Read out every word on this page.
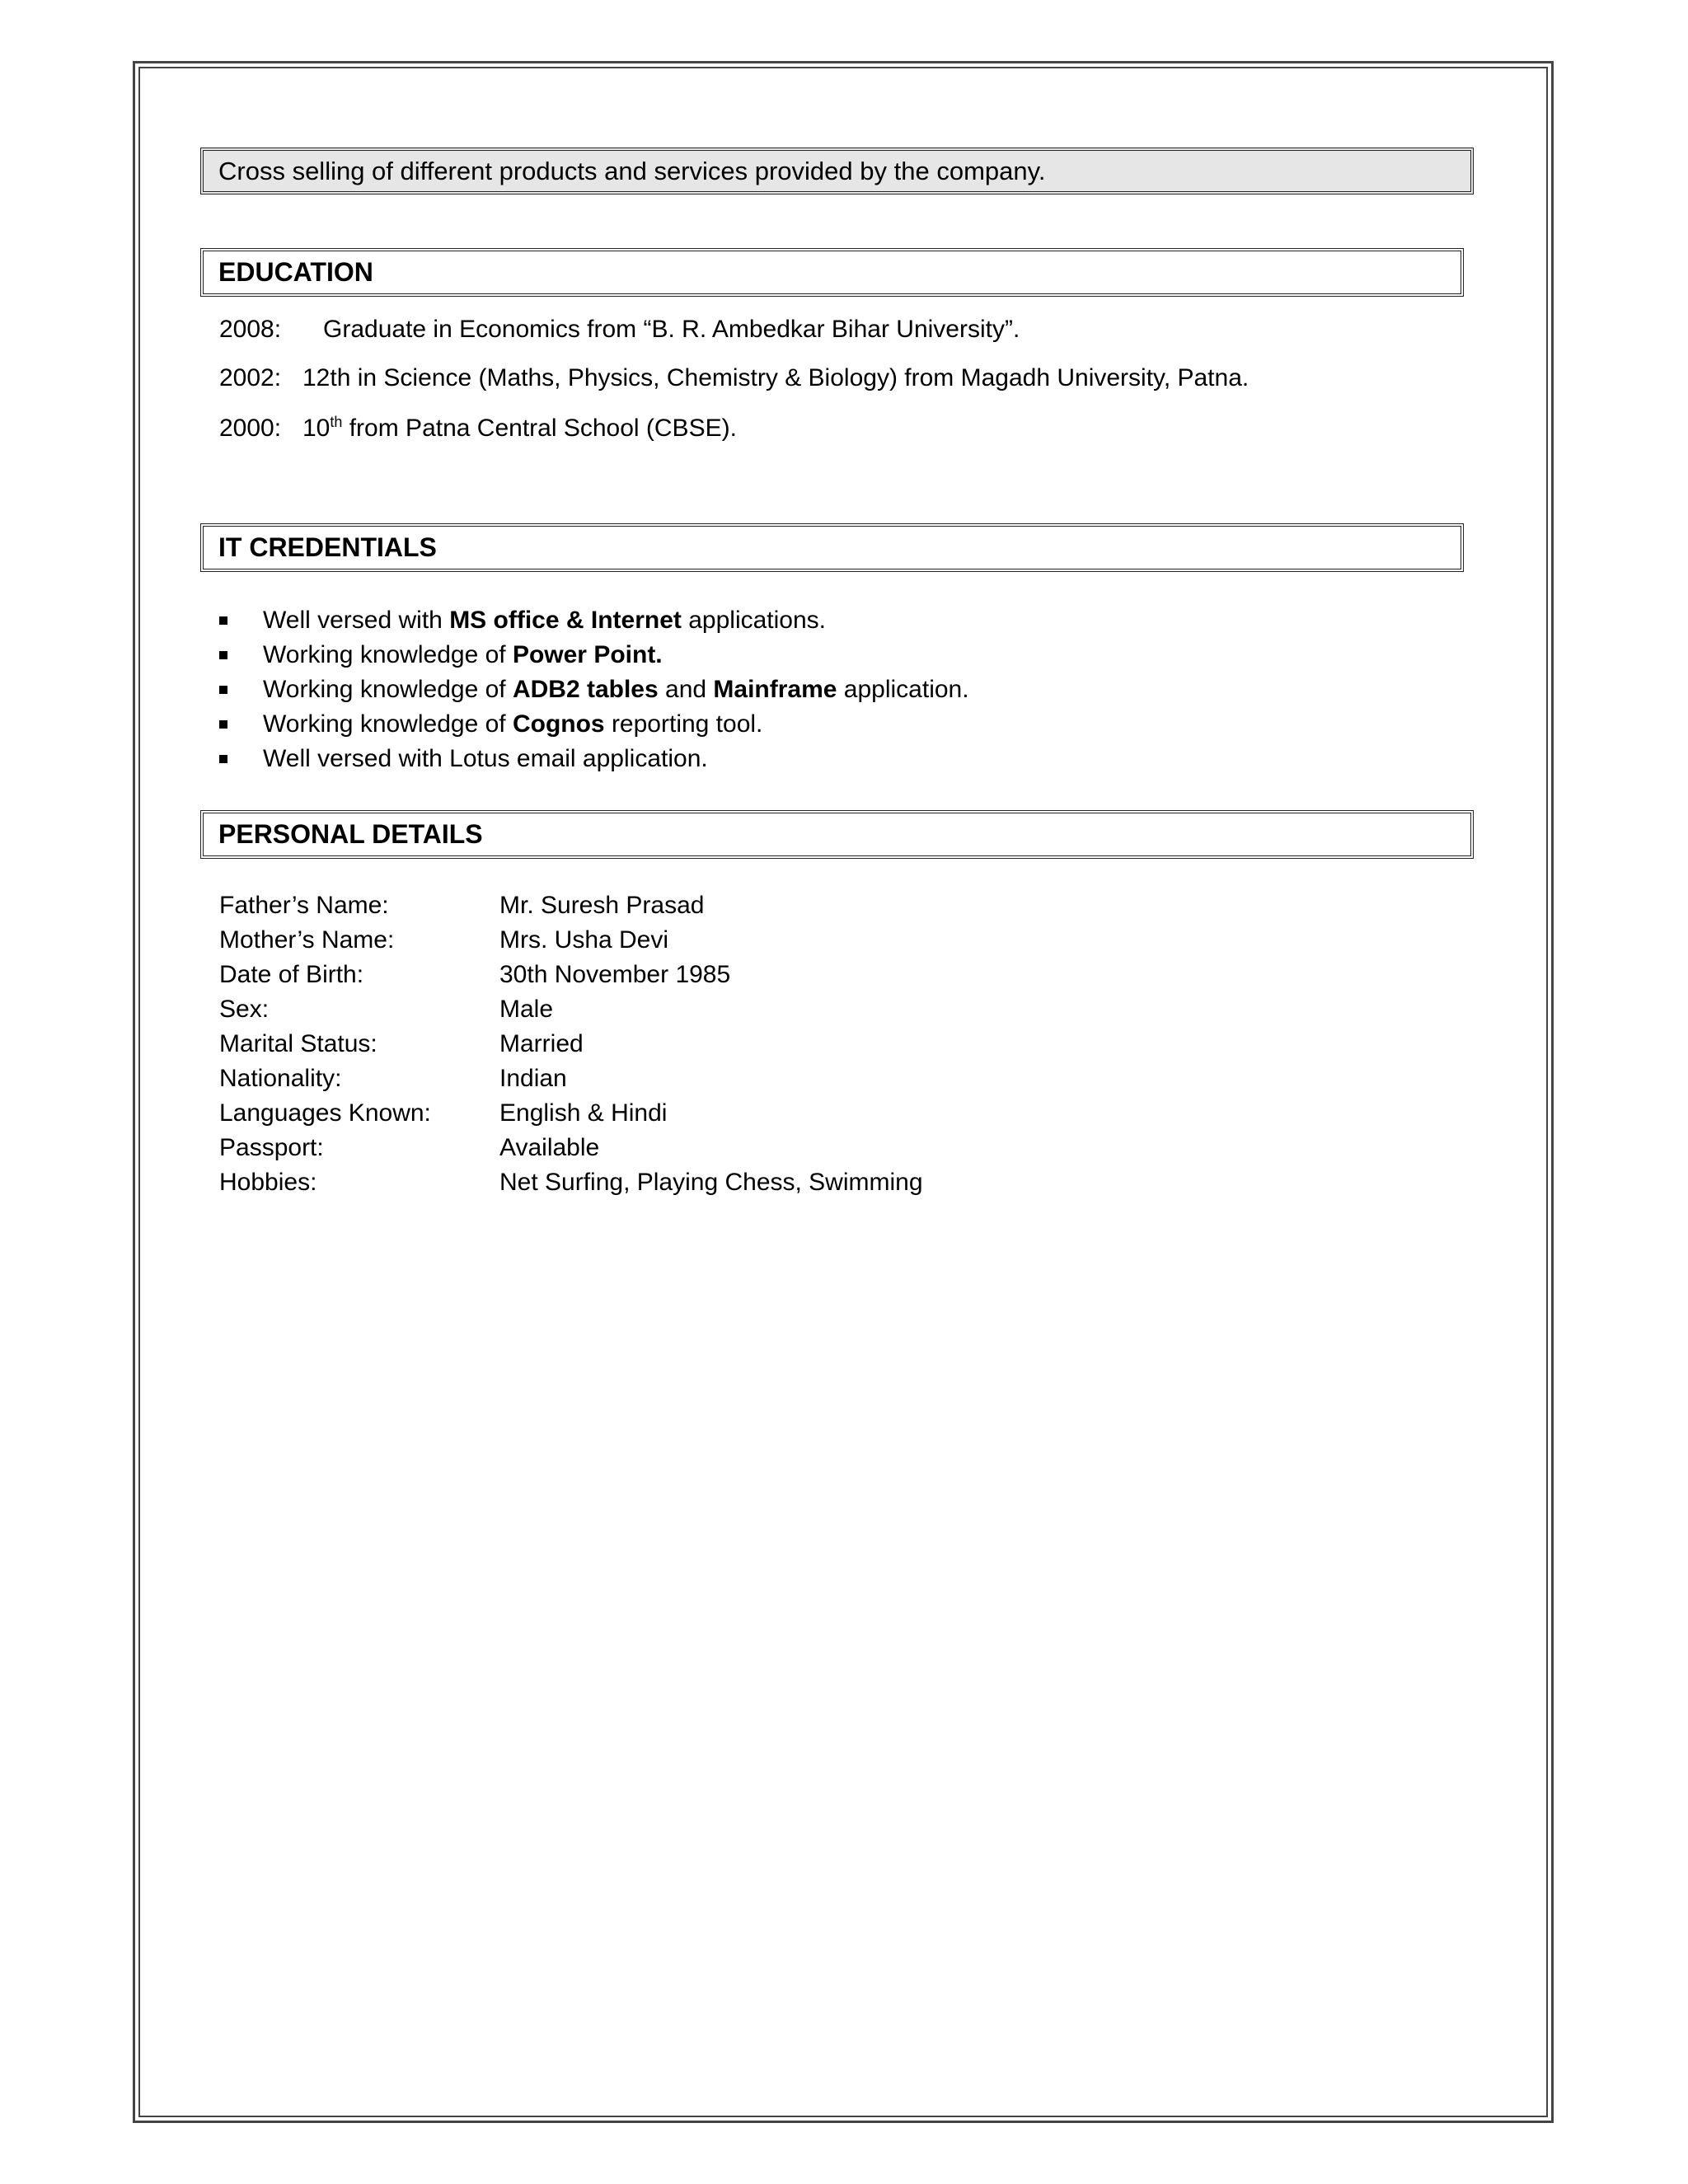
Cross selling of different products and services provided by the company.
EDUCATION
2008: Graduate in Economics from “B. R. Ambedkar Bihar University”.
2002: 12th in Science (Maths, Physics, Chemistry & Biology) from Magadh University, Patna.
2000: 10th from Patna Central School (CBSE).
IT CREDENTIALS
Well versed with MS office & Internet applications.
Working knowledge of Power Point.
Working knowledge of ADB2 tables and Mainframe application.
Working knowledge of Cognos reporting tool.
Well versed with Lotus email application.
PERSONAL DETAILS
Father’s Name:	Mr. Suresh Prasad
Mother’s Name:	Mrs. Usha Devi
Date of Birth:	30th November 1985
Sex:	Male
Marital Status:	Married
Nationality:	Indian
Languages Known:	English & Hindi
Passport:	Available
Hobbies:	Net Surfing, Playing Chess, Swimming
